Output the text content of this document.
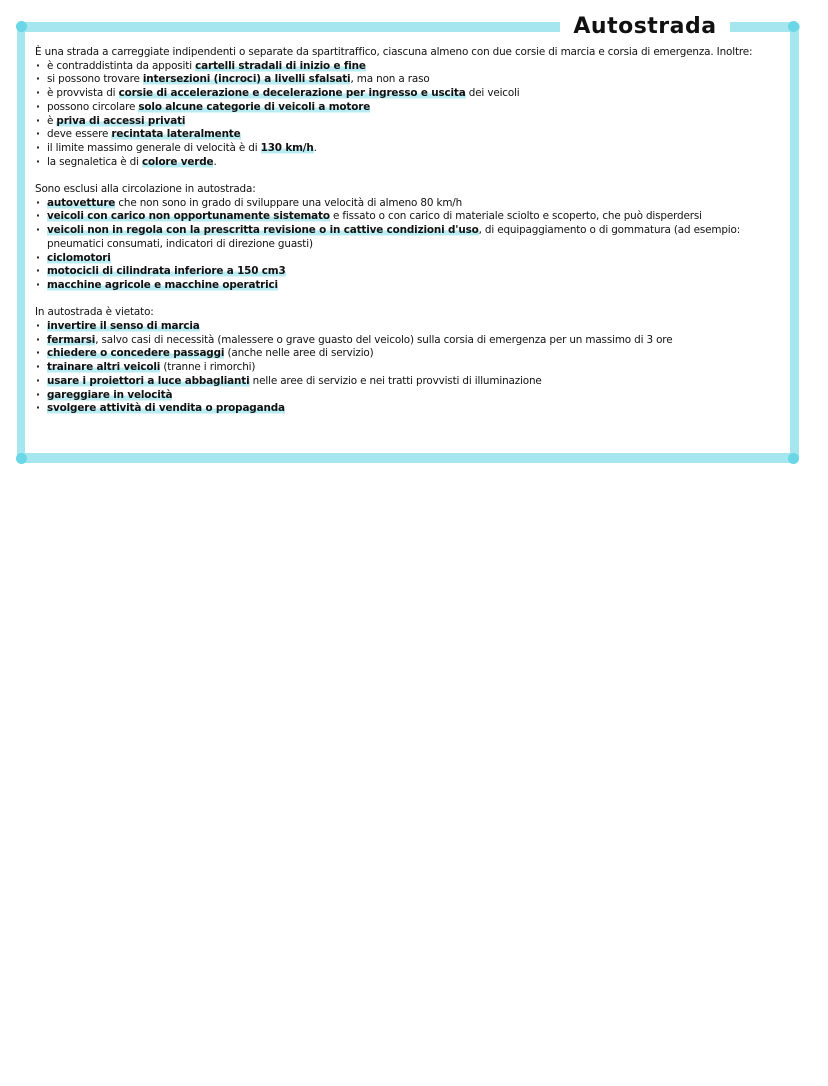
Autostrada

È una strada a carreggiate indipendenti o separate da spartitraffico, ciascuna almeno con due corsie di marcia e corsia di emergenza. Inoltre:

· è contraddistinta da appositi cartelli stradali di inizio e fine
· si possono trovare intersezioni (incroci) a livelli sfalsati, ma non a raso
· è provvista di corsie di accelerazione e decelerazione per ingresso e uscita dei veicoli
· possono circolare solo alcune categorie di veicoli a motore
· è priva di accessi privati
· deve essere recintata lateralmente
· il limite massimo generale di velocità è di 130 km/h.
· la segnaletica è di colore verde.

Sono esclusi alla circolazione in autostrada:

· autovetture che non sono in grado di sviluppare una velocità di almeno 80 km/h
· veicoli con carico non opportunamente sistemato e fissato o con carico di materiale sciolto e scoperto, che può disperdersi
· veicoli non in regola con la prescritta revisione o in cattive condizioni d'uso, di equipaggiamento o di gommatura (ad esempio: pneumatici consumati, indicatori di direzione guasti)
· ciclomotori
· motocicli di cilindrata inferiore a 150 cm3
· macchine agricole e macchine operatrici

In autostrada è vietato:

· invertire il senso di marcia
· fermarsi, salvo casi di necessità (malessere o grave guasto del veicolo) sulla corsia di emergenza per un massimo di 3 ore
· chiedere o concedere passaggi (anche nelle aree di servizio)
· trainare altri veicoli (tranne i rimorchi)
· usare i proiettori a luce abbaglianti nelle aree di servizio e nei tratti provvisti di illuminazione
· gareggiare in velocità
· svolgere attività di vendita o propaganda
